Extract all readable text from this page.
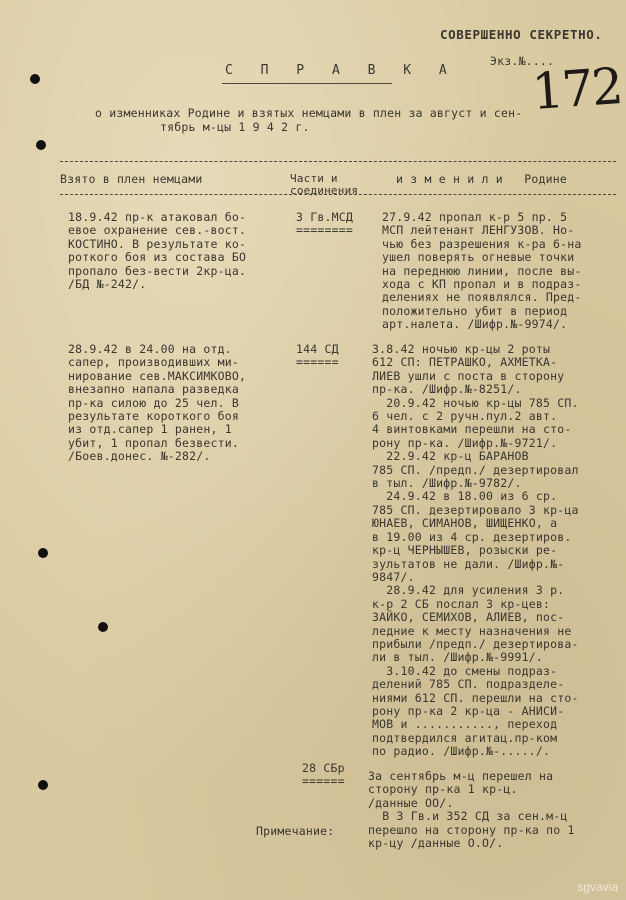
СОВЕРШЕННО СЕКРЕТНО.
Экз.№....
172
С П Р А В К А
о изменниках Родине и взятых немцами в плен за август и сен-
тябрь м-цы 1 9 4 2 г.
Взято в плен немцами	Части и соединения
и з м е н и л и   Родине
18.9.42 пр-к атаковал бо-
евое охранение сев.-вост.
КОСТИНО. В результате ко-
роткого боя из состава БО
пропало без-вести 2кр-ца.
/БД №-242/.
3 Гв.МСД
========
27.9.42 пропал к-р 5 пр. 5
МСП лейтенант ЛЕНГУЗОВ. Но-
чью без разрешения к-ра 6-на
ушел поверять огневые точки
на переднюю линии, после вы-
хода с КП пропал и в подраз-
делениях не появлялся. Пред-
положительно убит в период
арт.налета. /Шифр.№-9974/.
28.9.42 в 24.00 на отд.
сапер, производивших ми-
нирование сев.МАКСИМКОВО,
внезапно напала разведка
пр-ка силою до 25 чел. В
результате короткого боя
из отд.сапер 1 ранен, 1
убит, 1 пропал безвести.
/Боев.донес. №-282/.
144 СД
======
3.8.42 ночью кр-цы 2 роты
612 СП: ПЕТРАШКО, АХМЕТКА-
ЛИЕВ ушли с поста в сторону
пр-ка. /Шифр.№-8251/.
20.9.42 ночью кр-цы 785 СП.
6 чел. с 2 ручн.пул.2 авт.
4 винтовками перешли на сто-
рону пр-ка. /Шифр.№-9721/.
22.9.42 кр-ц БАРАНОВ
785 СП. /предп./ дезертировал
в тыл. /Шифр.№-9782/.
24.9.42 в 18.00 из 6 ср.
785 СП. дезертировало 3 кр-ца
ЮНАЕВ, СИМАНОВ, ШИЩЕНКО, а
в 19.00 из 4 ср. дезертиров.
кр-ц ЧЕРНЫШЕВ, розыски ре-
зультатов не дали. /Шифр.№-
9847/.
28.9.42 для усиления 3 р.
к-р 2 СБ послал 3 кр-цев:
ЗАЙКО, СЕМИХОВ, АЛИЕВ, пос-
ледние к месту назначения не
прибыли /предп./ дезертирова-
ли в тыл. /Шифр.№-9991/.
3.10.42 до смены подраз-
делений 785 СП. подразделе-
ниями 612 СП. перешли на сто-
рону пр-ка 2 кр-ца - АНИСИ-
МОВ и ..........., переход
подтвердился агитац.пр-ком
по радио. /Шифр.№-...../.
28 СБр
====== За сентябрь м-ц перешел на
сторону пр-ка 1 кр-ц.
/данные ОО/.
В 3 Гв.и 352 СД за сен.м-ц
перешло на сторону пр-ка по 1
кр-цу /данные О.О/.
Примечание:
sgvavia
